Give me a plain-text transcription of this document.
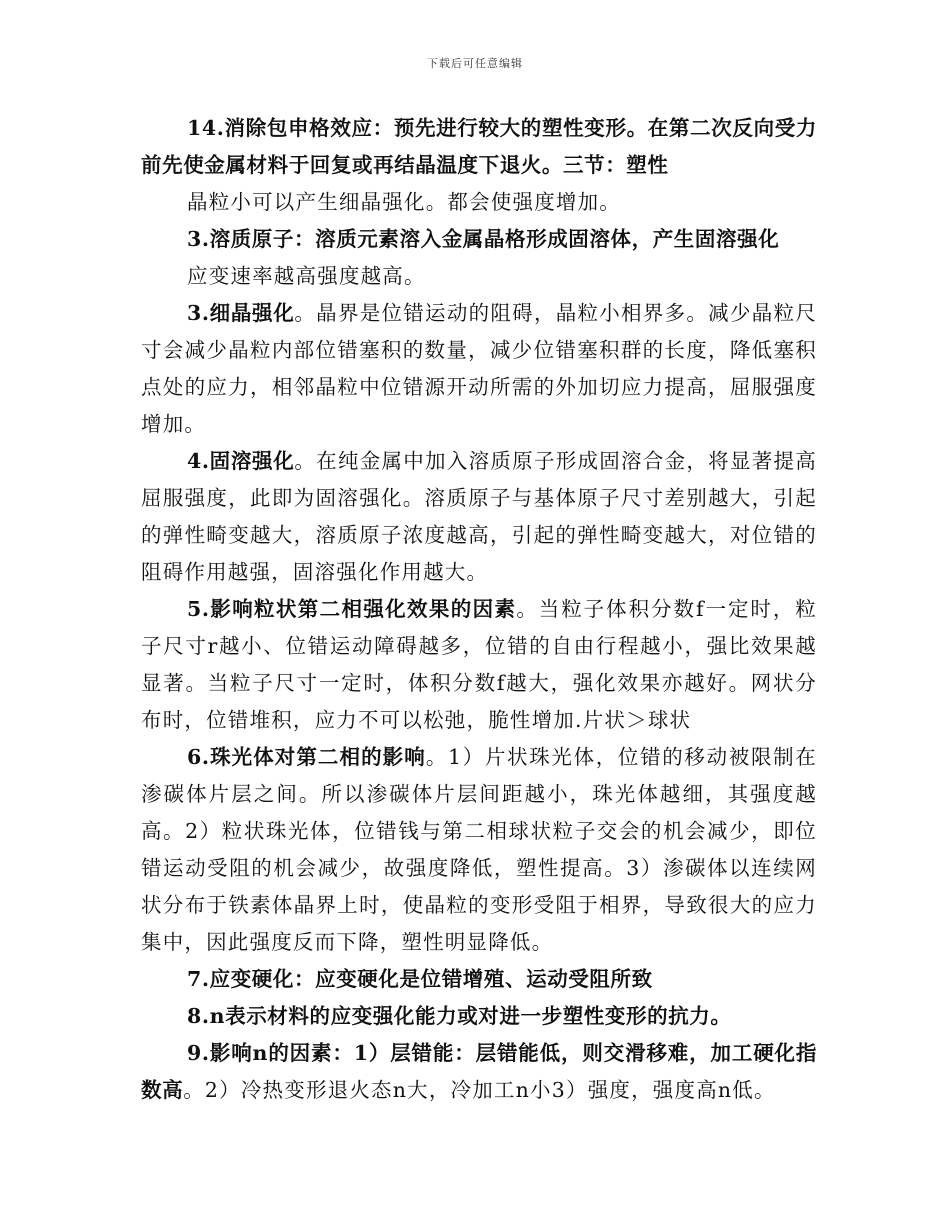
下载后可任意编辑

14.消除包申格效应：预先进行较大的塑性变形。在第二次反向受力前先使金属材料于回复或再结晶温度下退火。三节：塑性

晶粒小可以产生细晶强化。都会使强度增加。

3.溶质原子：溶质元素溶入金属晶格形成固溶体，产生固溶强化

应变速率越高强度越高。

3.细晶强化。晶界是位错运动的阻碍，晶粒小相界多。减少晶粒尺寸会减少晶粒内部位错塞积的数量，减少位错塞积群的长度，降低塞积点处的应力，相邻晶粒中位错源开动所需的外加切应力提高，屈服强度增加。

4.固溶强化。在纯金属中加入溶质原子形成固溶合金，将显著提高屈服强度，此即为固溶强化。溶质原子与基体原子尺寸差别越大，引起的弹性畸变越大，溶质原子浓度越高，引起的弹性畸变越大，对位错的阻碍作用越强，固溶强化作用越大。

5.影响粒状第二相强化效果的因素。当粒子体积分数f一定时，粒子尺寸r越小、位错运动障碍越多，位错的自由行程越小，强比效果越显著。当粒子尺寸一定时，体积分数f越大，强化效果亦越好。网状分布时，位错堆积，应力不可以松弛，脆性增加.片状＞球状

6.珠光体对第二相的影响。1）片状珠光体，位错的移动被限制在渗碳体片层之间。所以渗碳体片层间距越小，珠光体越细，其强度越高。2）粒状珠光体，位错钱与第二相球状粒子交会的机会减少，即位错运动受阻的机会减少，故强度降低，塑性提高。3）渗碳体以连续网状分布于铁素体晶界上时，使晶粒的变形受阻于相界，导致很大的应力集中，因此强度反而下降，塑性明显降低。

7.应变硬化：应变硬化是位错增殖、运动受阻所致

8.n表示材料的应变强化能力或对进一步塑性变形的抗力。

9.影响n的因素：1）层错能：层错能低，则交滑移难，加工硬化指数高。2）冷热变形退火态n大，冷加工n小3）强度，强度高n低。
